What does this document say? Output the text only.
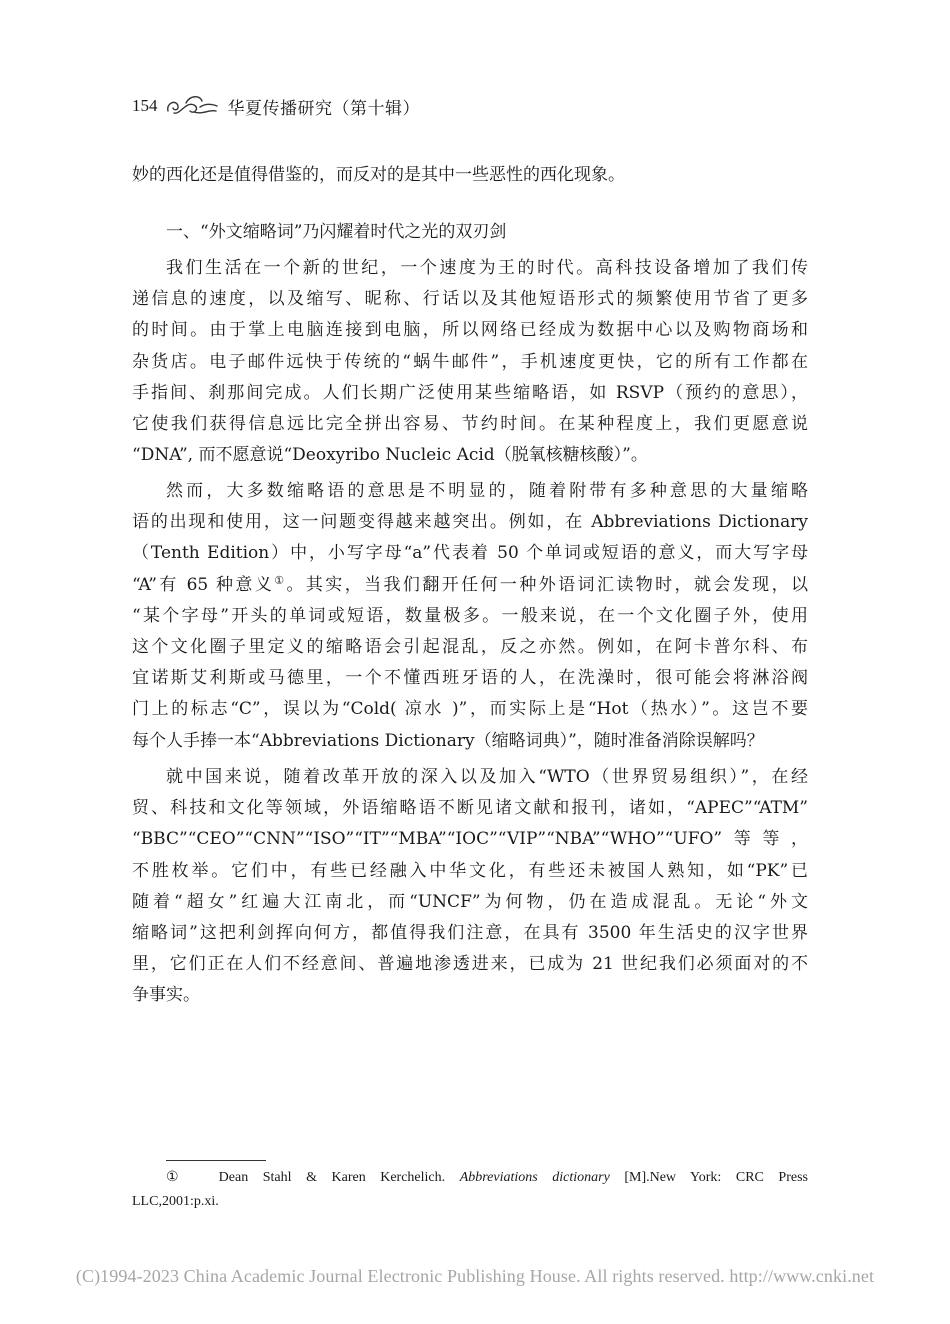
154	华夏传播研究（第十辑）
妙的西化还是值得借鉴的，而反对的是其中一些恶性的西化现象。
一、“外文缩略词”乃闪耀着时代之光的双刃剑
我们生活在一个新的世纪，一个速度为王的时代。高科技设备增加了我们传
递信息的速度，以及缩写、昵称、行话以及其他短语形式的频繁使用节省了更多
的时间。由于掌上电脑连接到电脑，所以网络已经成为数据中心以及购物商场和
杂货店。电子邮件远快于传统的“蜗牛邮件”，手机速度更快，它的所有工作都在
手指间、刹那间完成。人们长期广泛使用某些缩略语，如 RSVP（预约的意思），
它使我们获得信息远比完全拼出容易、节约时间。在某种程度上，我们更愿意说
“DNA”, 而不愿意说“Deoxyribo Nucleic Acid（脱氧核糖核酸）”。
然而，大多数缩略语的意思是不明显的，随着附带有多种意思的大量缩略
语的出现和使用，这一问题变得越来越突出。例如，在 Abbreviations Dictionary
（Tenth Edition）中，小写字母“a”代表着 50 个单词或短语的意义，而大写字母
“A”有 65 种意义①。其实，当我们翻开任何一种外语词汇读物时，就会发现，以
“某个字母”开头的单词或短语，数量极多。一般来说，在一个文化圈子外，使用
这个文化圈子里定义的缩略语会引起混乱，反之亦然。例如，在阿卡普尔科、布
宜诺斯艾利斯或马德里，一个不懂西班牙语的人，在洗澡时，很可能会将淋浴阀
门上的标志“C”，误以为“Cold( 凉水 )”，而实际上是“Hot（热水）”。这岂不要
每个人手捧一本“Abbreviations Dictionary（缩略词典）”，随时准备消除误解吗？
就中国来说，随着改革开放的深入以及加入“WTO（世界贸易组织）”，在经
贸、科技和文化等领域，外语缩略语不断见诸文献和报刊，诸如，“APEC”“ATM”
“BBC”“CEO”“CNN”“ISO”“IT”“MBA”“IOC”“VIP”“NBA”“WHO”“UFO”等等，
不胜枚举。它们中，有些已经融入中华文化，有些还未被国人熟知，如“PK”已
随着“超女”红遍大江南北，而“UNCF”为何物，仍在造成混乱。无论“外文
缩略词”这把利剑挥向何方，都值得我们注意，在具有 3500 年生活史的汉字世界
里，它们正在人们不经意间、普遍地渗透进来，已成为 21 世纪我们必须面对的不
争事实。
① Dean Stahl & Karen Kerchelich. Abbreviations dictionary [M].New York: CRC Press
LLC,2001:p.xi.
(C)1994-2023 China Academic Journal Electronic Publishing House. All rights reserved. http://www.cnki.net
